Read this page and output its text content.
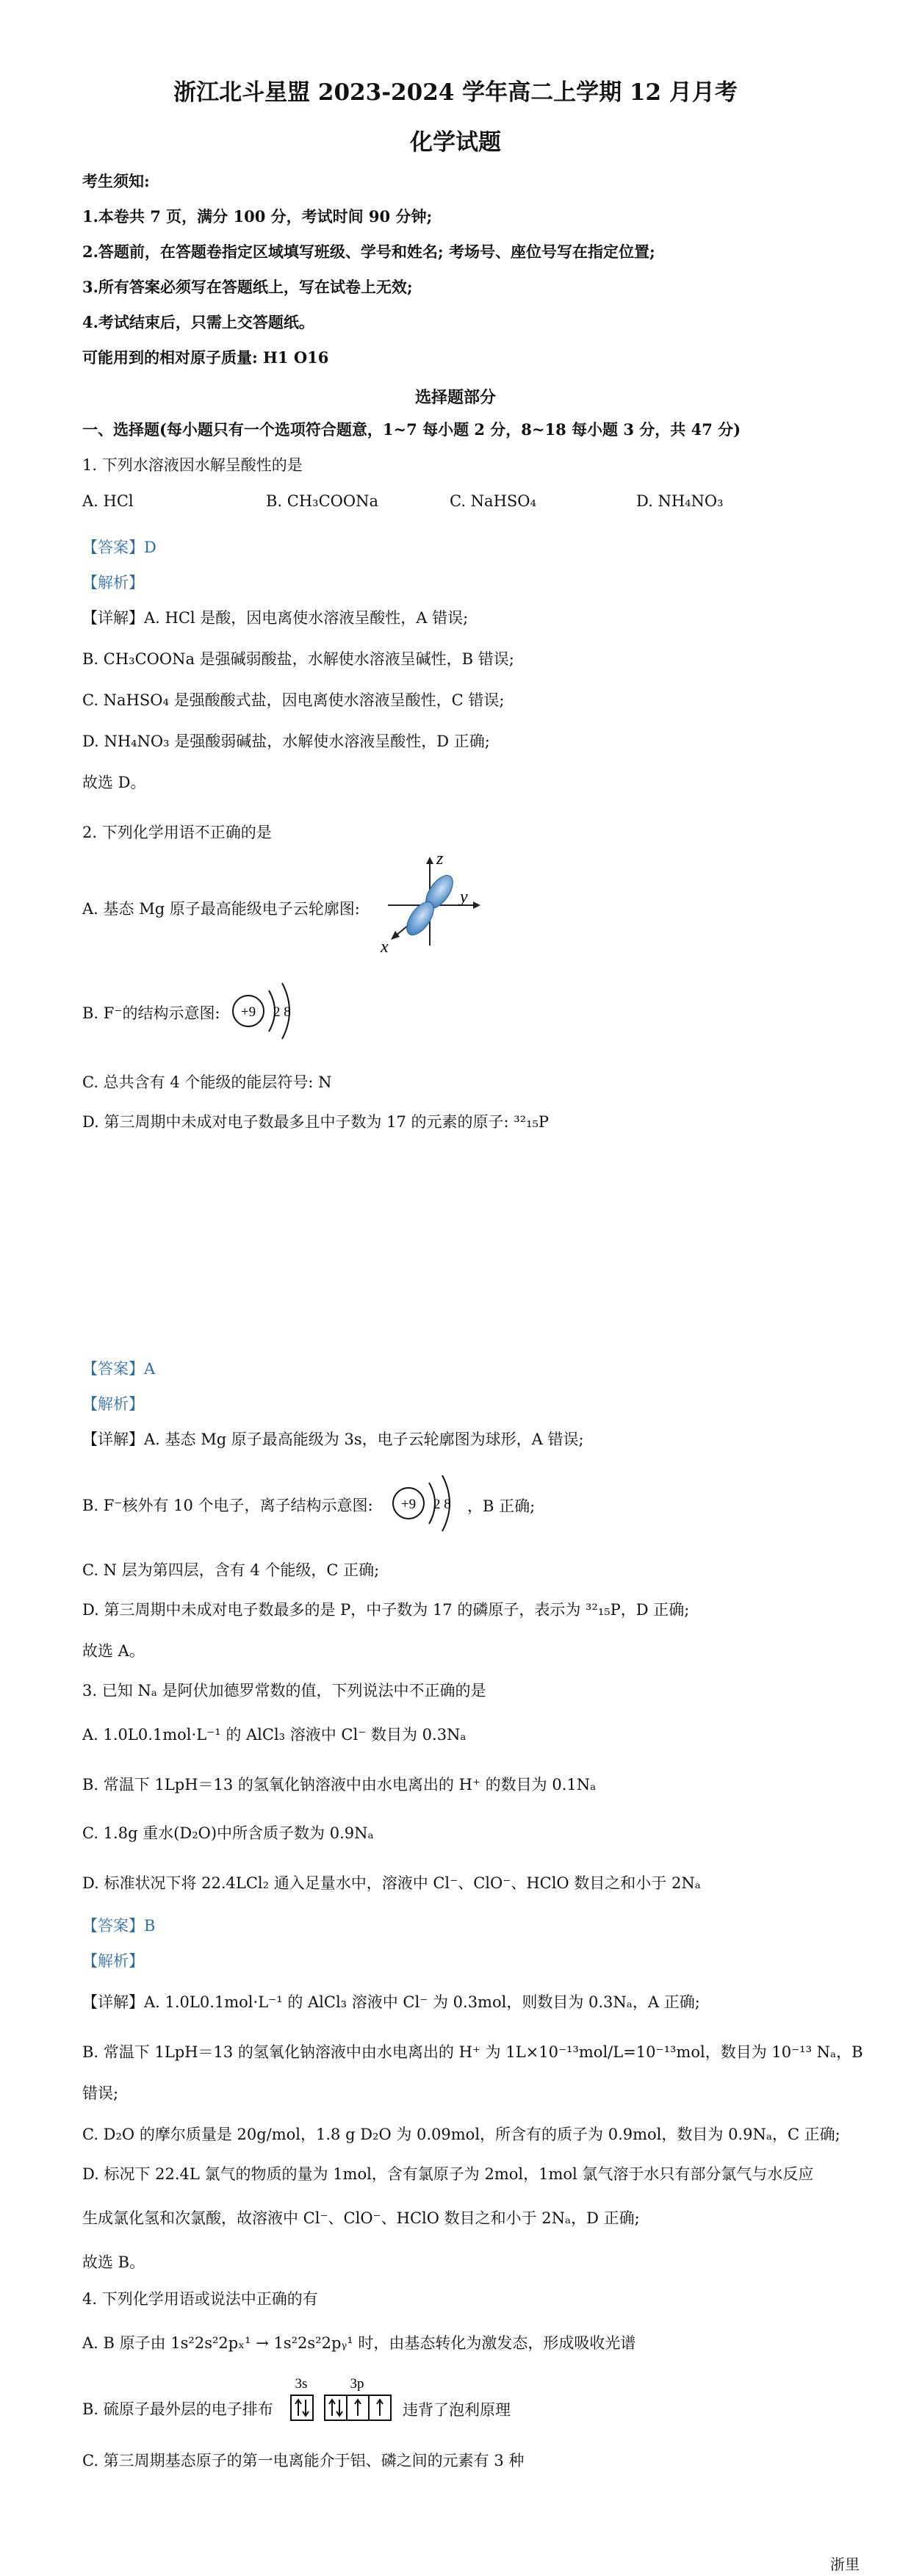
浙江北斗星盟 2023-2024 学年高二上学期 12 月月考
化学试题
考生须知:
1.本卷共 7 页，满分 100 分，考试时间 90 分钟;
2.答题前，在答题卷指定区域填写班级、学号和姓名; 考场号、座位号写在指定位置;
3.所有答案必须写在答题纸上，写在试卷上无效;
4.考试结束后，只需上交答题纸。
可能用到的相对原子质量: H1 O16
选择题部分
一、选择题(每小题只有一个选项符合题意，1~7 每小题 2 分，8~18 每小题 3 分，共 47 分)
1. 下列水溶液因水解呈酸性的是
A. HCl	B. CH₃COONa	C. NaHSO₄	D. NH₄NO₃
【答案】D
【解析】
【详解】A. HCl 是酸，因电离使水溶液呈酸性，A 错误;
B. CH₃COONa 是强碱弱酸盐，水解使水溶液呈碱性，B 错误;
C. NaHSO₄ 是强酸酸式盐，因电离使水溶液呈酸性，C 错误;
D. NH₄NO₃ 是强酸弱碱盐，水解使水溶液呈酸性，D 正确;
故选 D。
2. 下列化学用语不正确的是
A. 基态 Mg 原子最高能级电子云轮廓图:
z
y
x
B. F⁻的结构示意图: +9 2 8
C. 总共含有 4 个能级的能层符号: N
D. 第三周期中未成对电子数最多且中子数为 17 的元素的原子: ³²₁₅P
【答案】A
【解析】
【详解】A. 基态 Mg 原子最高能级为 3s，电子云轮廓图为球形，A 错误;
B. F⁻核外有 10 个电子，离子结构示意图: +9 2 8 ，B 正确;
C. N 层为第四层，含有 4 个能级，C 正确;
D. 第三周期中未成对电子数最多的是 P，中子数为 17 的磷原子，表示为 ³²₁₅P，D 正确;
故选 A。
3. 已知 Nₐ 是阿伏加德罗常数的值，下列说法中不正确的是
A. 1.0L0.1mol·L⁻¹ 的 AlCl₃ 溶液中 Cl⁻ 数目为 0.3Nₐ
B. 常温下 1LpH＝13 的氢氧化钠溶液中由水电离出的 H⁺ 的数目为 0.1Nₐ
C. 1.8g 重水(D₂O)中所含质子数为 0.9Nₐ
D. 标准状况下将 22.4LCl₂ 通入足量水中，溶液中 Cl⁻、ClO⁻、HClO 数目之和小于 2Nₐ
【答案】B
【解析】
【详解】A. 1.0L0.1mol·L⁻¹ 的 AlCl₃ 溶液中 Cl⁻ 为 0.3mol，则数目为 0.3Nₐ，A 正确;
B. 常温下 1LpH＝13 的氢氧化钠溶液中由水电离出的 H⁺ 为 1L×10⁻¹³mol/L=10⁻¹³mol，数目为 10⁻¹³ Nₐ，B
错误;
C. D₂O 的摩尔质量是 20g/mol，1.8 g D₂O 为 0.09mol，所含有的质子为 0.9mol，数目为 0.9Nₐ，C 正确;
D. 标况下 22.4L 氯气的物质的量为 1mol，含有氯原子为 2mol，1mol 氯气溶于水只有部分氯气与水反应
生成氯化氢和次氯酸，故溶液中 Cl⁻、ClO⁻、HClO 数目之和小于 2Nₐ，D 正确;
故选 B。
4. 下列化学用语或说法中正确的有
A. B 原子由 1s²2s²2pₓ¹ → 1s²2s²2pᵧ¹ 时，由基态转化为激发态，形成吸收光谱
B. 硫原子最外层的电子排布
3s	3p
违背了泡利原理
C. 第三周期基态原子的第一电离能介于铝、磷之间的元素有 3 种
浙里
